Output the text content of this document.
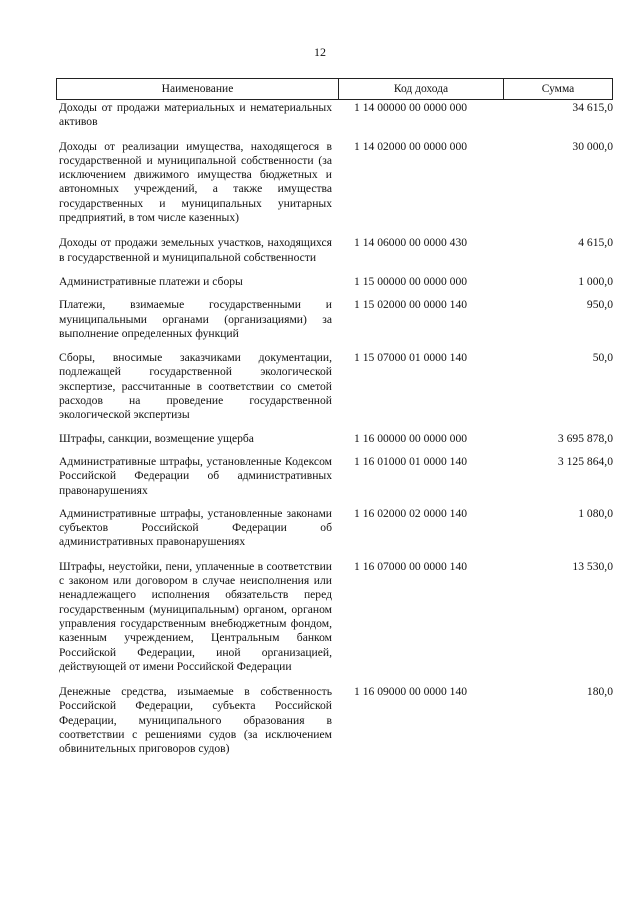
12
Наименование	Код дохода	Сумма
Доходы от продажи материальных и нематериальных активов
1 14 00000 00 0000 000	34 615,0
Доходы от реализации имущества, находящегося в государственной и муниципальной собственности (за исключением движимого имущества бюджетных и автономных учреждений, а также имущества государственных и муниципальных унитарных предприятий, в том числе казенных)
1 14 02000 00 0000 000	30 000,0
Доходы от продажи земельных участков, находящихся в государственной и муниципальной собственности
1 14 06000 00 0000 430	4 615,0
Административные платежи и сборы	1 15 00000 00 0000 000	1 000,0
Платежи, взимаемые государственными и муниципальными органами (организациями) за выполнение определенных функций
1 15 02000 00 0000 140	950,0
Сборы, вносимые заказчиками документации, подлежащей государственной экологической экспертизе, рассчитанные в соответствии со сметой расходов на проведение государственной экологической экспертизы
1 15 07000 01 0000 140	50,0
Штрафы, санкции, возмещение ущерба	1 16 00000 00 0000 000	3 695 878,0
Административные штрафы, установленные Кодексом Российской Федерации об административных правонарушениях
1 16 01000 01 0000 140	3 125 864,0
Административные штрафы, установленные законами субъектов Российской Федерации об административных правонарушениях
1 16 02000 02 0000 140	1 080,0
Штрафы, неустойки, пени, уплаченные в соответствии с законом или договором в случае неисполнения или ненадлежащего исполнения обязательств перед государственным (муниципальным) органом, органом управления государственным внебюджетным фондом, казенным учреждением, Центральным банком Российской Федерации, иной организацией, действующей от имени Российской Федерации
1 16 07000 00 0000 140	13 530,0
Денежные средства, изымаемые в собственность Российской Федерации, субъекта Российской Федерации, муниципального образования в соответствии с решениями судов (за исключением обвинительных приговоров судов)
1 16 09000 00 0000 140	180,0
